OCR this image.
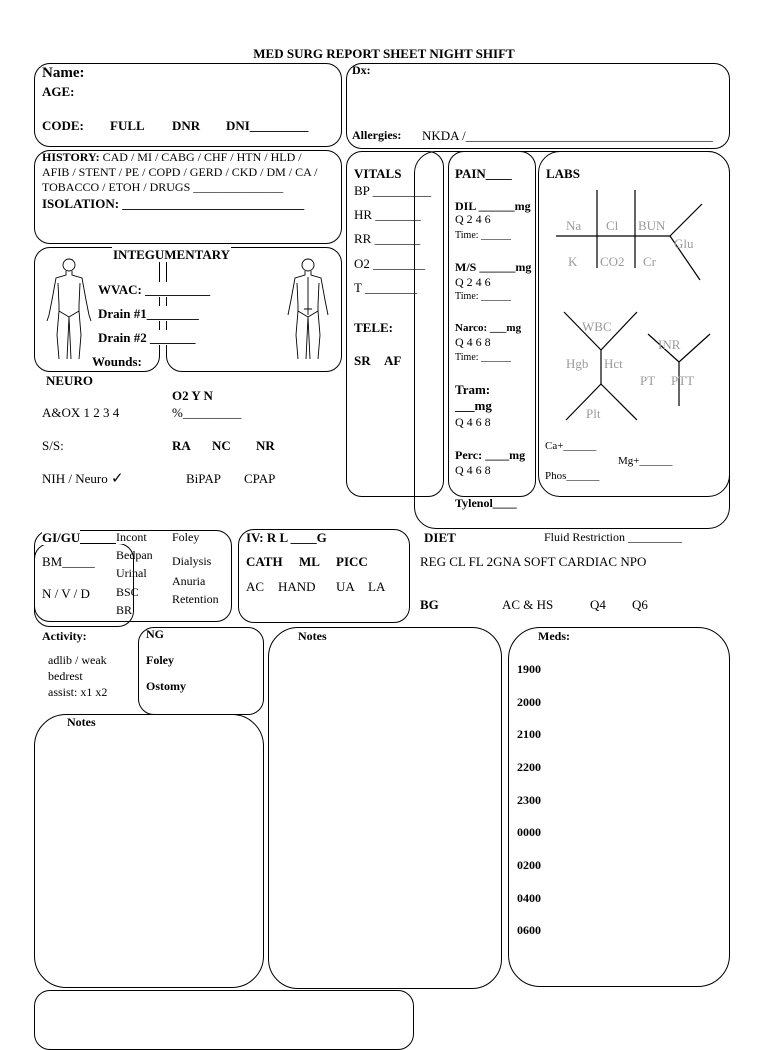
MED SURG REPORT SHEET NIGHT SHIFT
Name:
AGE:
CODE: FULL DNR DNI_________
Dx:
Allergies: NKDA /______________________________________
HISTORY: CAD / MI / CABG / CHF / HTN / HLD /
AFIB / STENT / PE / COPD / GERD / CKD / DM / CA /
TOBACCO / ETOH / DRUGS _______________
ISOLATION: ____________________________
INTEGUMENTARY
WVAC: __________
Drain #1________
Drain #2 _______
Wounds:
VITALS
BP _________
HR _______
RR _______
O2 ________
T ________
TELE:
SR AF
PAIN____
DIL ______mg
Q 2 4 6
Time: ______
M/S ______mg
Q 2 4 6
Time: ______
Narco: ___mg
Q 4 6 8
Time: ______
Tram:
___mg
Q 4 6 8
Perc: ____mg
Q 4 6 8
Tylenol____
LABS
Na Cl BUN
Glu
K CO2 Cr
WBC
Hgb Hct
Plt
INR
PT PTT
Ca+______
Mg+______
Phos______
NEURO
A&OX 1 2 3 4
S/S:
NIH / Neuro ✓
O2 Y N
%_________
RA NC NR
BiPAP CPAP
GI/GU	Incont
Bedpan
Urinal
BSC
BR
BM_____
N / V / D
Foley
Dialysis
Anuria
Retention
IV: R L ____G
CATH ML PICC
AC HAND UA LA
DIET	Fluid Restriction _________
REG CL FL 2GNA SOFT CARDIAC NPO
BG	AC & HS	Q4 Q6
Activity:
adlib / weak
bedrest
assist: x1 x2
NG
Foley
Ostomy
Notes
Notes
Meds:
1900
2000
2100
2200
2300
0000
0200
0400
0600
